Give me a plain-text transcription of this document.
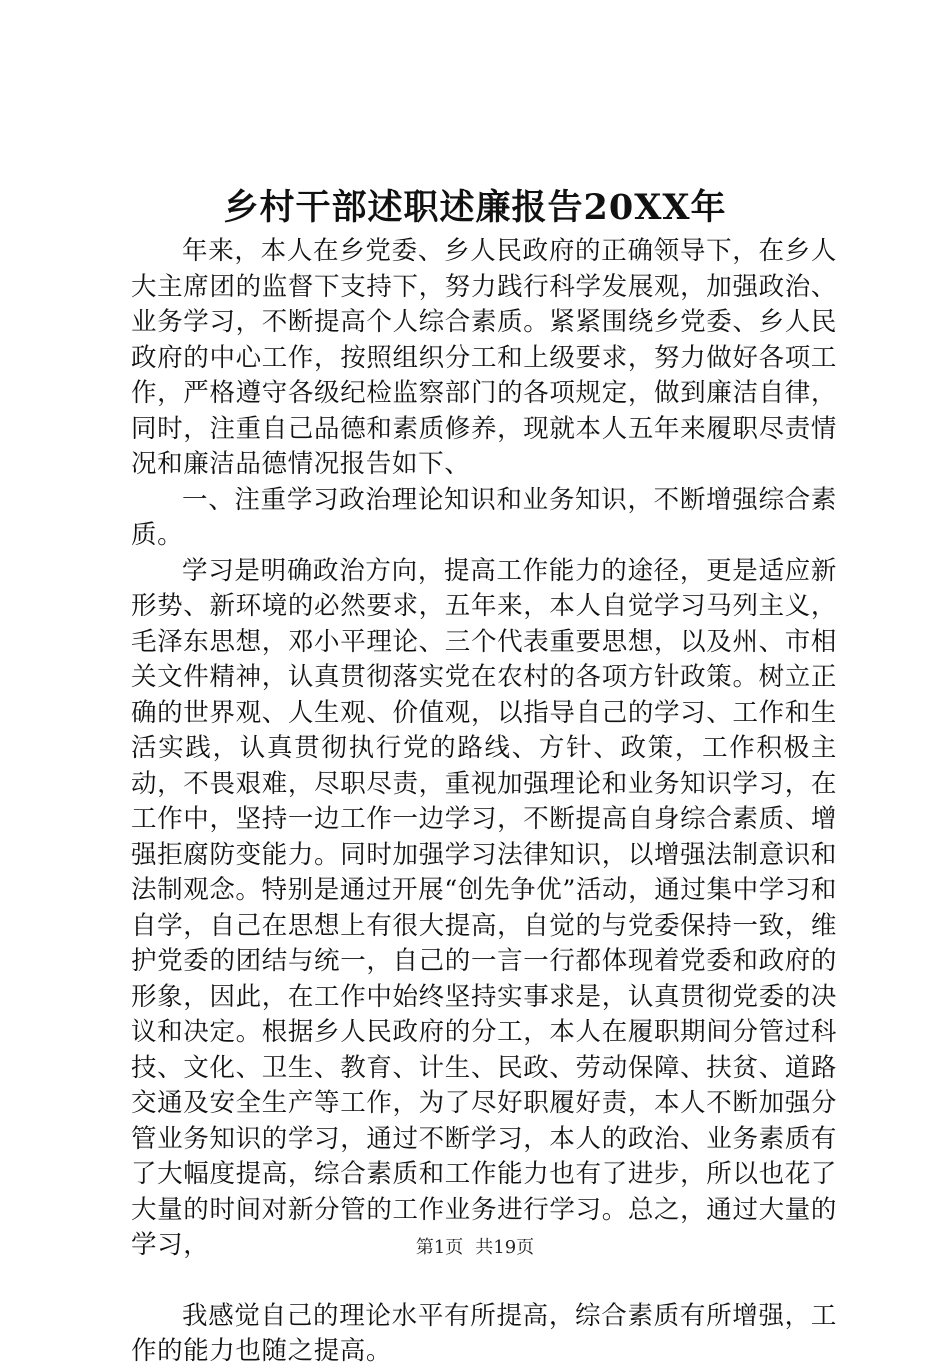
乡村干部述职述廉报告20XX年

年来，本人在乡党委、乡人民政府的正确领导下，在乡人大主席团的监督下支持下，努力践行科学发展观，加强政治、业务学习，不断提高个人综合素质。紧紧围绕乡党委、乡人民政府的中心工作，按照组织分工和上级要求，努力做好各项工作，严格遵守各级纪检监察部门的各项规定，做到廉洁自律，同时，注重自己品德和素质修养，现就本人五年来履职尽责情况和廉洁品德情况报告如下、

一、注重学习政治理论知识和业务知识，不断增强综合素质。

学习是明确政治方向，提高工作能力的途径，更是适应新形势、新环境的必然要求，五年来，本人自觉学习马列主义，毛泽东思想，邓小平理论、三个代表重要思想，以及州、市相关文件精神，认真贯彻落实党在农村的各项方针政策。树立正确的世界观、人生观、价值观，以指导自己的学习、工作和生活实践，认真贯彻执行党的路线、方针、政策，工作积极主动，不畏艰难，尽职尽责，重视加强理论和业务知识学习，在工作中，坚持一边工作一边学习，不断提高自身综合素质、增强拒腐防变能力。同时加强学习法律知识，以增强法制意识和法制观念。特别是通过开展“创先争优”活动，通过集中学习和自学，自己在思想上有很大提高，自觉的与党委保持一致，维护党委的团结与统一，自己的一言一行都体现着党委和政府的形象，因此，在工作中始终坚持实事求是，认真贯彻党委的决议和决定。根据乡人民政府的分工，本人在履职期间分管过科技、文化、卫生、教育、计生、民政、劳动保障、扶贫、道路交通及安全生产等工作，为了尽好职履好责，本人不断加强分管业务知识的学习，通过不断学习，本人的政治、业务素质有了大幅度提高，综合素质和工作能力也有了进步，所以也花了大量的时间对新分管的工作业务进行学习。总之，通过大量的学习，

我感觉自己的理论水平有所提高，综合素质有所增强，工作的能力也随之提高。

第1页 共19页
